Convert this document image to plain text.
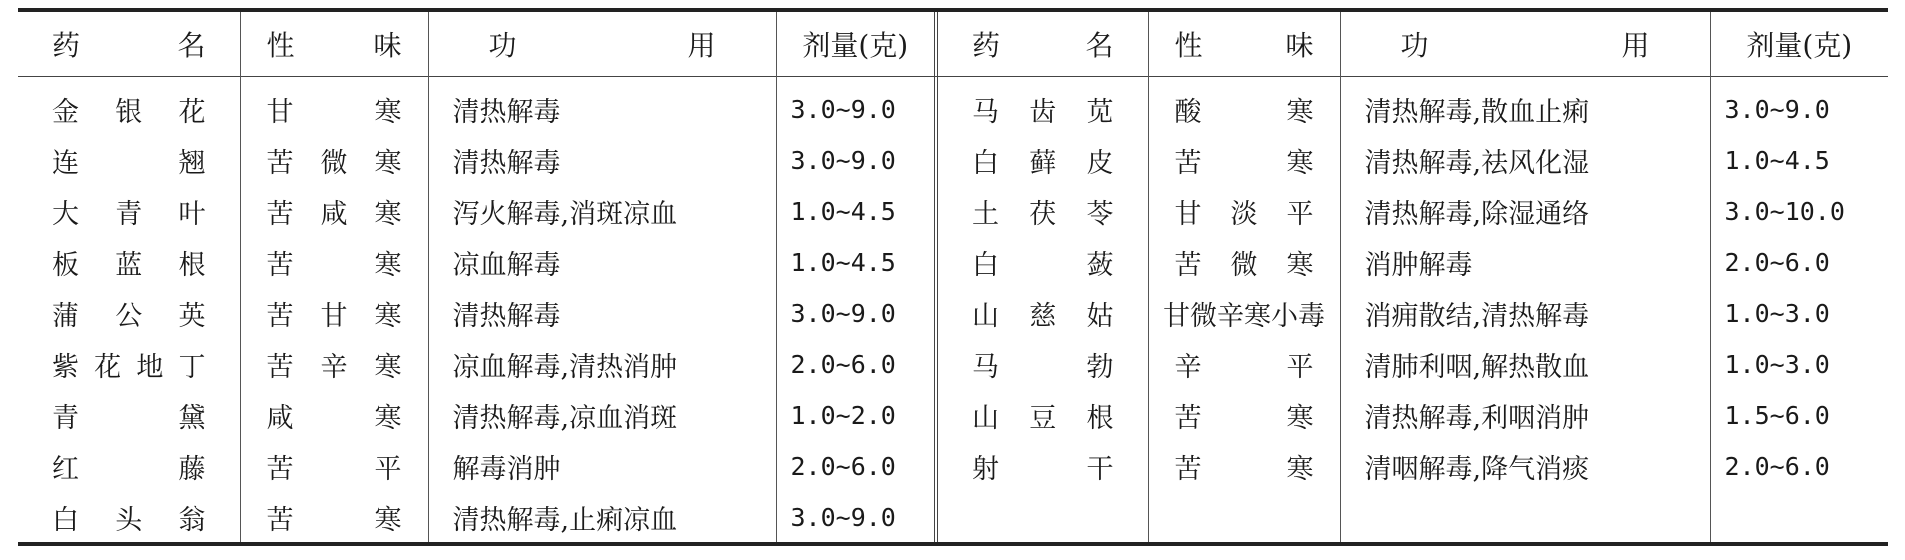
药 名	性 味	功 用	剂量(克)	药 名	性 味	功 用	剂量(克)

金银花	甘 寒	清热解毒	3.0~9.0	马齿苋	酸 寒	清热解毒,散血止痢	3.0~9.0

连 翘	苦微寒	清热解毒	3.0~9.0	白藓皮	苦 寒	清热解毒,祛风化湿	1.0~4.5

大青叶	苦咸寒	泻火解毒,消斑凉血	1.0~4.5	土茯苓	甘淡平	清热解毒,除湿通络	3.0~10.0

板蓝根	苦 寒	凉血解毒	1.0~4.5	白 蔹	苦微寒	消肿解毒	2.0~6.0

蒲公英	苦甘寒	清热解毒	3.0~9.0	山慈姑	甘微辛寒小毒	消痈散结,清热解毒	1.0~3.0

紫花地丁	苦辛寒	凉血解毒,清热消肿	2.0~6.0	马 勃	辛 平	清肺利咽,解热散血	1.0~3.0

青 黛	咸 寒	清热解毒,凉血消斑	1.0~2.0	山豆根	苦 寒	清热解毒,利咽消肿	1.5~6.0

红 藤	苦 平	解毒消肿	2.0~6.0	射 干	苦 寒	清咽解毒,降气消痰	2.0~6.0

白头翁	苦 寒	清热解毒,止痢凉血	3.0~9.0	
